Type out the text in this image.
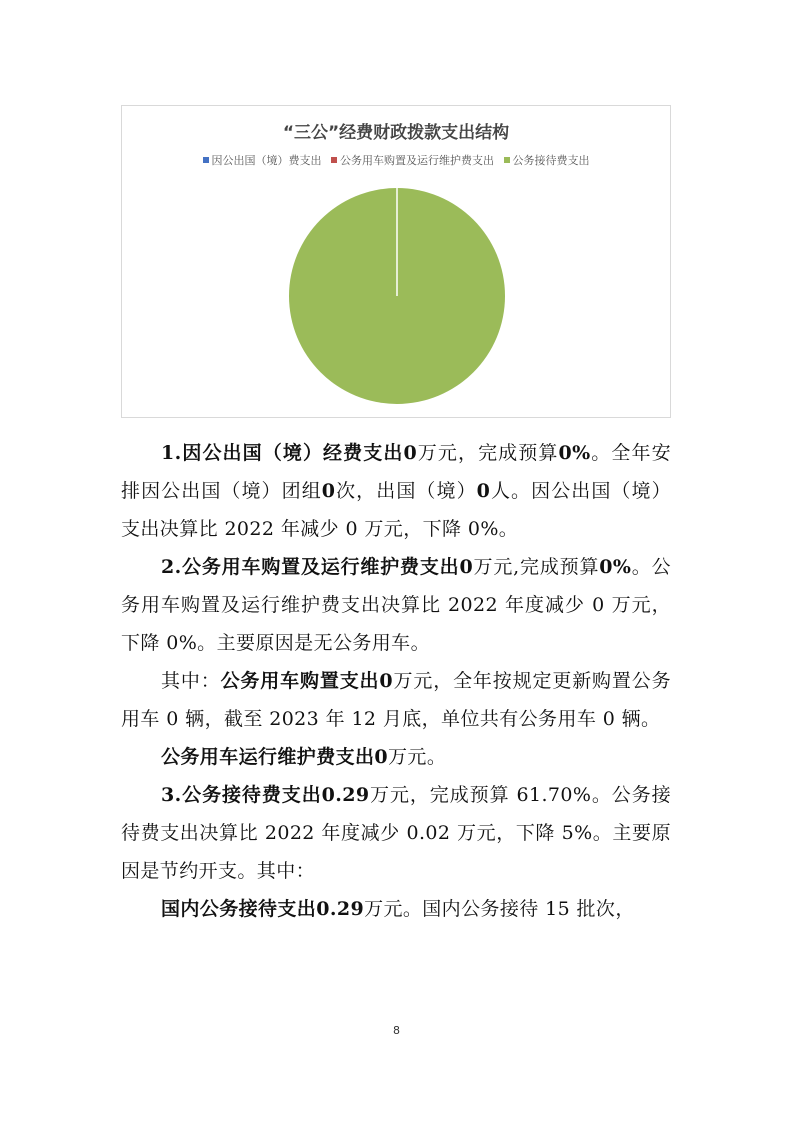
“三公”经费财政拨款支出结构
因公出国（境）费支出 公务用车购置及运行维护费支出 公务接待费支出

1.因公出国（境）经费支出0万元，完成预算0%。全年安排因公出国（境）团组0次，出国（境）0人。因公出国（境）支出决算比 2022 年减少 0 万元，下降 0%。

2.公务用车购置及运行维护费支出0万元,完成预算0%。公务用车购置及运行维护费支出决算比 2022 年度减少 0 万元，下降 0%。主要原因是无公务用车。

其中：公务用车购置支出0万元，全年按规定更新购置公务用车 0 辆，截至 2023 年 12 月底，单位共有公务用车 0 辆。

公务用车运行维护费支出0万元。

3.公务接待费支出0.29万元，完成预算 61.70%。公务接待费支出决算比 2022 年度减少 0.02 万元，下降 5%。主要原因是节约开支。其中：

国内公务接待支出0.29万元。国内公务接待 15 批次，

8
